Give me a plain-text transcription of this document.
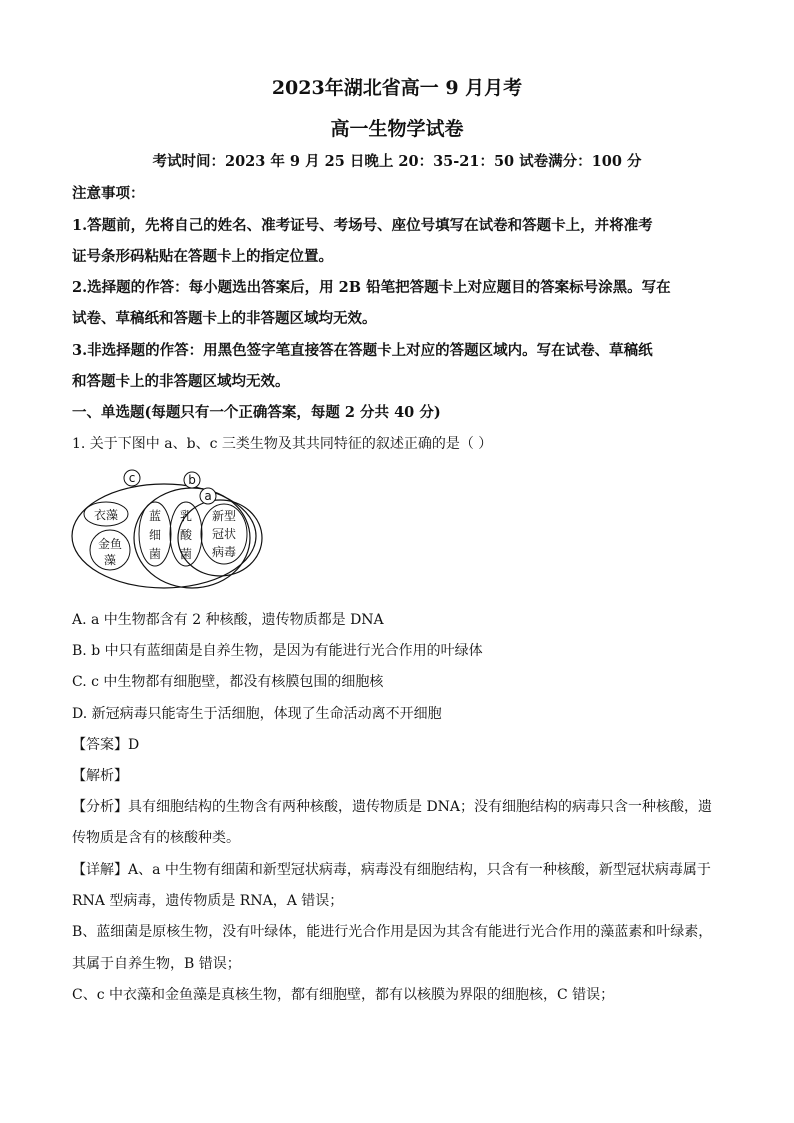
2023年湖北省高一 9 月月考
高一生物学试卷
考试时间：2023 年 9 月 25 日晚上 20：35-21：50 试卷满分：100 分
注意事项：
1.答题前，先将自己的姓名、准考证号、考场号、座位号填写在试卷和答题卡上，并将准考
证号条形码粘贴在答题卡上的指定位置。
2.选择题的作答：每小题选出答案后，用 2B 铅笔把答题卡上对应题目的答案标号涂黑。写在
试卷、草稿纸和答题卡上的非答题区域均无效。
3.非选择题的作答：用黑色签字笔直接答在答题卡上对应的答题区域内。写在试卷、草稿纸
和答题卡上的非答题区域均无效。
一、单选题(每题只有一个正确答案，每题 2 分共 40 分)
1. 关于下图中 a、b、c 三类生物及其共同特征的叙述正确的是（ ）
c	b
a
衣藻
金鱼
藻
蓝
细
菌
乳
酸
菌
新型
冠状
病毒
A. a 中生物都含有 2 种核酸，遗传物质都是 DNA
B. b 中只有蓝细菌是自养生物，是因为有能进行光合作用的叶绿体
C. c 中生物都有细胞壁，都没有核膜包围的细胞核
D. 新冠病毒只能寄生于活细胞，体现了生命活动离不开细胞
【答案】D
【解析】
【分析】具有细胞结构的生物含有两种核酸，遗传物质是 DNA；没有细胞结构的病毒只含一种核酸，遗
传物质是含有的核酸种类。
【详解】A、a 中生物有细菌和新型冠状病毒，病毒没有细胞结构，只含有一种核酸，新型冠状病毒属于
RNA 型病毒，遗传物质是 RNA，A 错误；
B、蓝细菌是原核生物，没有叶绿体，能进行光合作用是因为其含有能进行光合作用的藻蓝素和叶绿素，
其属于自养生物，B 错误；
C、c 中衣藻和金鱼藻是真核生物，都有细胞壁，都有以核膜为界限的细胞核，C 错误；
